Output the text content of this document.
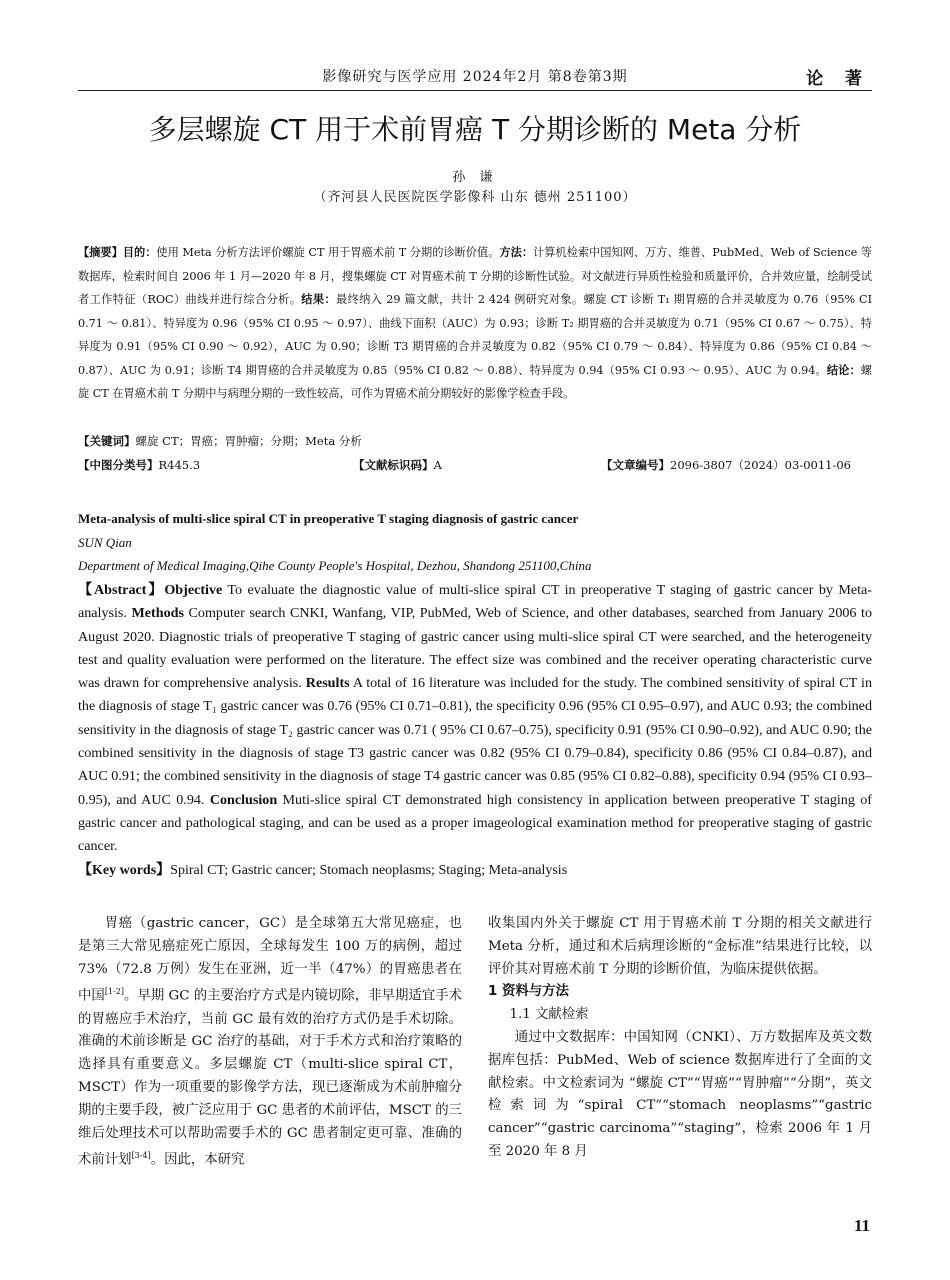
影像研究与医学应用 2024年2月 第8卷第3期	论 著
多层螺旋 CT 用于术前胃癌 T 分期诊断的 Meta 分析
孙 谦
（齐河县人民医院医学影像科 山东 德州 251100）
【摘要】目的：使用 Meta 分析方法评价螺旋 CT 用于胃癌术前 T 分期的诊断价值。方法：计算机检索中国知网、万方、维普、PubMed、Web of Science 等数据库，检索时间自 2006 年 1 月—2020 年 8 月，搜集螺旋 CT 对胃癌术前 T 分期的诊断性试验。对文献进行异质性检验和质量评价，合并效应量，绘制受试者工作特征（ROC）曲线并进行综合分析。结果：最终纳入 29 篇文献，共计 2 424 例研究对象。螺旋 CT 诊断 T₁ 期胃癌的合并灵敏度为 0.76（95% CI 0.71 ～ 0.81）、特异度为 0.96（95% CI 0.95 ～ 0.97）、曲线下面积（AUC）为 0.93；诊断 T₂ 期胃癌的合并灵敏度为 0.71（95% CI 0.67 ～ 0.75）、特异度为 0.91（95% CI 0.90 ～ 0.92），AUC 为 0.90；诊断 T3 期胃癌的合并灵敏度为 0.82（95% CI 0.79 ～ 0.84）、特异度为 0.86（95% CI 0.84 ～ 0.87）、AUC 为 0.91；诊断 T4 期胃癌的合并灵敏度为 0.85（95% CI 0.82 ～ 0.88）、特异度为 0.94（95% CI 0.93 ～ 0.95）、AUC 为 0.94。结论：螺旋 CT 在胃癌术前 T 分期中与病理分期的一致性较高，可作为胃癌术前分期较好的影像学检查手段。
【关键词】螺旋 CT；胃癌；胃肿瘤；分期；Meta 分析
【中图分类号】R445.3	【文献标识码】A	【文章编号】2096-3807（2024）03-0011-06
Meta-analysis of multi-slice spiral CT in preoperative T staging diagnosis of gastric cancer
SUN Qian
Department of Medical Imaging,Qihe County People's Hospital, Dezhou, Shandong 251100,China
【Abstract】Objective To evaluate the diagnostic value of multi-slice spiral CT in preoperative T staging of gastric cancer by Meta-analysis. Methods Computer search CNKI, Wanfang, VIP, PubMed, Web of Science, and other databases, searched from January 2006 to August 2020. Diagnostic trials of preoperative T staging of gastric cancer using multi-slice spiral CT were searched, and the heterogeneity test and quality evaluation were performed on the literature. The effect size was combined and the receiver operating characteristic curve was drawn for comprehensive analysis. Results A total of 16 literature was included for the study. The combined sensitivity of spiral CT in the diagnosis of stage T₁ gastric cancer was 0.76 (95% CI 0.71–0.81), the specificity 0.96 (95% CI 0.95–0.97), and AUC 0.93; the combined sensitivity in the diagnosis of stage T₂ gastric cancer was 0.71 ( 95% CI 0.67–0.75), specificity 0.91 (95% CI 0.90–0.92), and AUC 0.90; the combined sensitivity in the diagnosis of stage T3 gastric cancer was 0.82 (95% CI 0.79–0.84), specificity 0.86 (95% CI 0.84–0.87), and AUC 0.91; the combined sensitivity in the diagnosis of stage T4 gastric cancer was 0.85 (95% CI 0.82–0.88), specificity 0.94 (95% CI 0.93–0.95), and AUC 0.94. Conclusion Muti-slice spiral CT demonstrated high consistency in application between preoperative T staging of gastric cancer and pathological staging, and can be used as a proper imageological examination method for preoperative staging of gastric cancer.
【Key words】Spiral CT; Gastric cancer; Stomach neoplasms; Staging; Meta-analysis

胃癌（gastric cancer，GC）是全球第五大常见癌症，也是第三大常见癌症死亡原因，全球每发生 100 万的病例，超过 73%（72.8 万例）发生在亚洲，近一半（47%）的胃癌患者在中国[1-2]。早期 GC 的主要治疗方式是内镜切除，非早期适宜手术的胃癌应手术治疗，当前 GC 最有效的治疗方式仍是手术切除。准确的术前诊断是 GC 治疗的基础，对于手术方式和治疗策略的选择具有重要意义。多层螺旋 CT（multi-slice spiral CT，MSCT）作为一项重要的影像学方法，现已逐渐成为术前肿瘤分期的主要手段，被广泛应用于 GC 患者的术前评估，MSCT 的三维后处理技术可以帮助需要手术的 GC 患者制定更可靠、准确的术前计划[3-4]。因此，本研究

收集国内外关于螺旋 CT 用于胃癌术前 T 分期的相关文献进行 Meta 分析，通过和术后病理诊断的“金标准”结果进行比较，以评价其对胃癌术前 T 分期的诊断价值，为临床提供依据。

1 资料与方法

1.1 文献检索

通过中文数据库：中国知网（CNKI）、万方数据库及英文数据库包括：PubMed、Web of science 数据库进行了全面的文献检索。中文检索词为 “螺旋 CT”“胃癌”“胃肿瘤”“分期”，英文检索词为“spiral CT”“stomach neoplasms”“gastric cancer”“gastric carcinoma”“staging”，检索 2006 年 1 月至 2020 年 8 月

11
